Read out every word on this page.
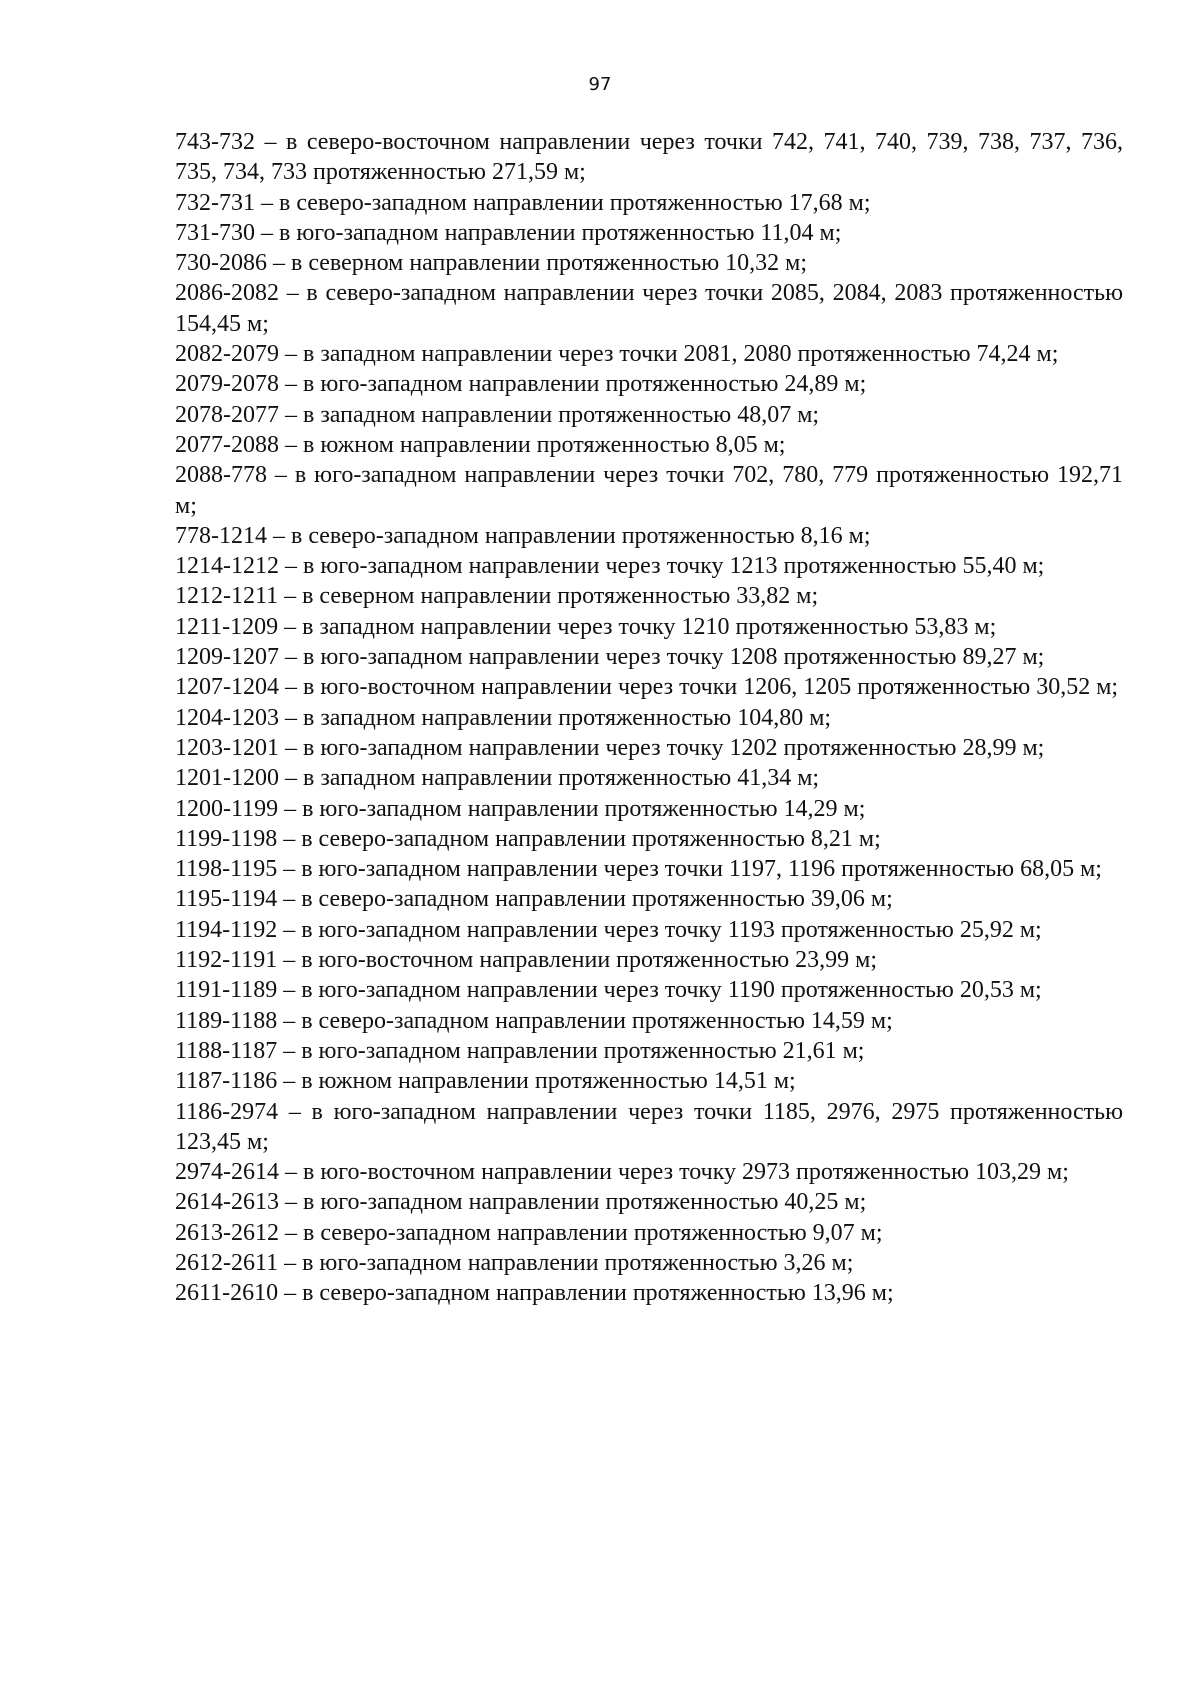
97

743-732 – в северо-восточном направлении через точки 742, 741, 740, 739, 738, 737, 736, 735, 734, 733 протяженностью 271,59 м;

732-731 – в северо-западном направлении протяженностью 17,68 м;

731-730 – в юго-западном направлении протяженностью 11,04 м;

730-2086 – в северном направлении протяженностью 10,32 м;

2086-2082 – в северо-западном направлении через точки 2085, 2084, 2083 протяженностью 154,45 м;

2082-2079 – в западном направлении через точки 2081, 2080 протяженностью 74,24 м;

2079-2078 – в юго-западном направлении протяженностью 24,89 м;

2078-2077 – в западном направлении протяженностью 48,07 м;

2077-2088 – в южном направлении протяженностью 8,05 м;

2088-778 – в юго-западном направлении через точки 702, 780, 779 протяженностью 192,71 м;

778-1214 – в северо-западном направлении протяженностью 8,16 м;

1214-1212 – в юго-западном направлении через точку 1213 протяженностью 55,40 м;

1212-1211 – в северном направлении протяженностью 33,82 м;

1211-1209 – в западном направлении через точку 1210 протяженностью 53,83 м;

1209-1207 – в юго-западном направлении через точку 1208 протяженностью 89,27 м;

1207-1204 – в юго-восточном направлении через точки 1206, 1205 протяженностью 30,52 м;

1204-1203 – в западном направлении протяженностью 104,80 м;

1203-1201 – в юго-западном направлении через точку 1202 протяженностью 28,99 м;

1201-1200 – в западном направлении протяженностью 41,34 м;

1200-1199 – в юго-западном направлении протяженностью 14,29 м;

1199-1198 – в северо-западном направлении протяженностью 8,21 м;

1198-1195 – в юго-западном направлении через точки 1197, 1196 протяженностью 68,05 м;

1195-1194 – в северо-западном направлении протяженностью 39,06 м;

1194-1192 – в юго-западном направлении через точку 1193 протяженностью 25,92 м;

1192-1191 – в юго-восточном направлении протяженностью 23,99 м;

1191-1189 – в юго-западном направлении через точку 1190 протяженностью 20,53 м;

1189-1188 – в северо-западном направлении протяженностью 14,59 м;

1188-1187 – в юго-западном направлении протяженностью 21,61 м;

1187-1186 – в южном направлении протяженностью 14,51 м;

1186-2974 – в юго-западном направлении через точки 1185, 2976, 2975 протяженностью 123,45 м;

2974-2614 – в юго-восточном направлении через точку 2973 протяженностью 103,29 м;

2614-2613 – в юго-западном направлении протяженностью 40,25 м;

2613-2612 – в северо-западном направлении протяженностью 9,07 м;

2612-2611 – в юго-западном направлении протяженностью 3,26 м;

2611-2610 – в северо-западном направлении протяженностью 13,96 м;
